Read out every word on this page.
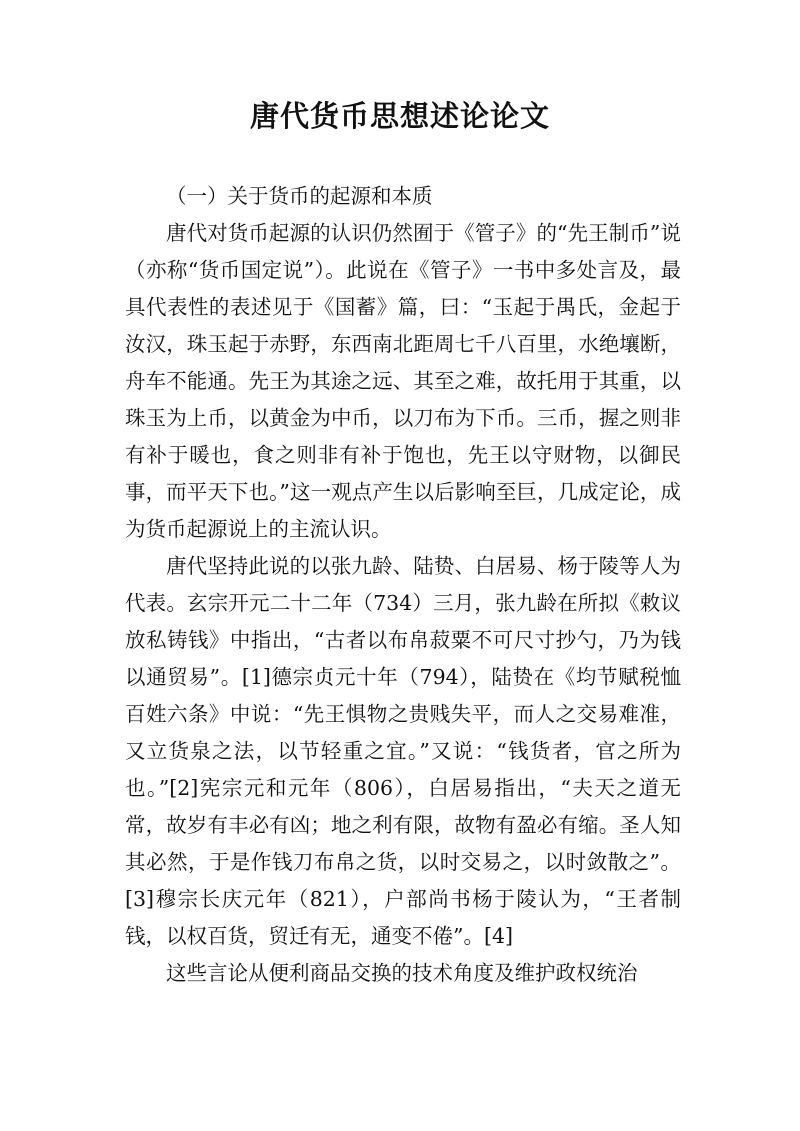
唐代货币思想述论论文

（一）关于货币的起源和本质

唐代对货币起源的认识仍然囿于《管子》的“先王制币”说（亦称“货币国定说”）。此说在《管子》一书中多处言及，最具代表性的表述见于《国蓄》篇，曰：“玉起于禺氏，金起于汝汉，珠玉起于赤野，东西南北距周七千八百里，水绝壤断，舟车不能通。先王为其途之远、其至之难，故托用于其重，以珠玉为上币，以黄金为中币，以刀布为下币。三币，握之则非有补于暖也，食之则非有补于饱也，先王以守财物，以御民事，而平天下也。”这一观点产生以后影响至巨，几成定论，成为货币起源说上的主流认识。

唐代坚持此说的以张九龄、陆贽、白居易、杨于陵等人为代表。玄宗开元二十二年（734）三月，张九龄在所拟《敕议放私铸钱》中指出，“古者以布帛菽粟不可尺寸抄勺，乃为钱以通贸易”。[1]德宗贞元十年（794），陆贽在《均节赋税恤百姓六条》中说：“先王惧物之贵贱失平，而人之交易难准，又立货泉之法，以节轻重之宜。”又说：“钱货者，官之所为也。”[2]宪宗元和元年（806），白居易指出，“夫天之道无常，故岁有丰必有凶；地之利有限，故物有盈必有缩。圣人知其必然，于是作钱刀布帛之货，以时交易之，以时敛散之”。[3]穆宗长庆元年（821），户部尚书杨于陵认为，“王者制钱，以权百货，贸迁有无，通变不倦”。[4]

这些言论从便利商品交换的技术角度及维护政权统治
